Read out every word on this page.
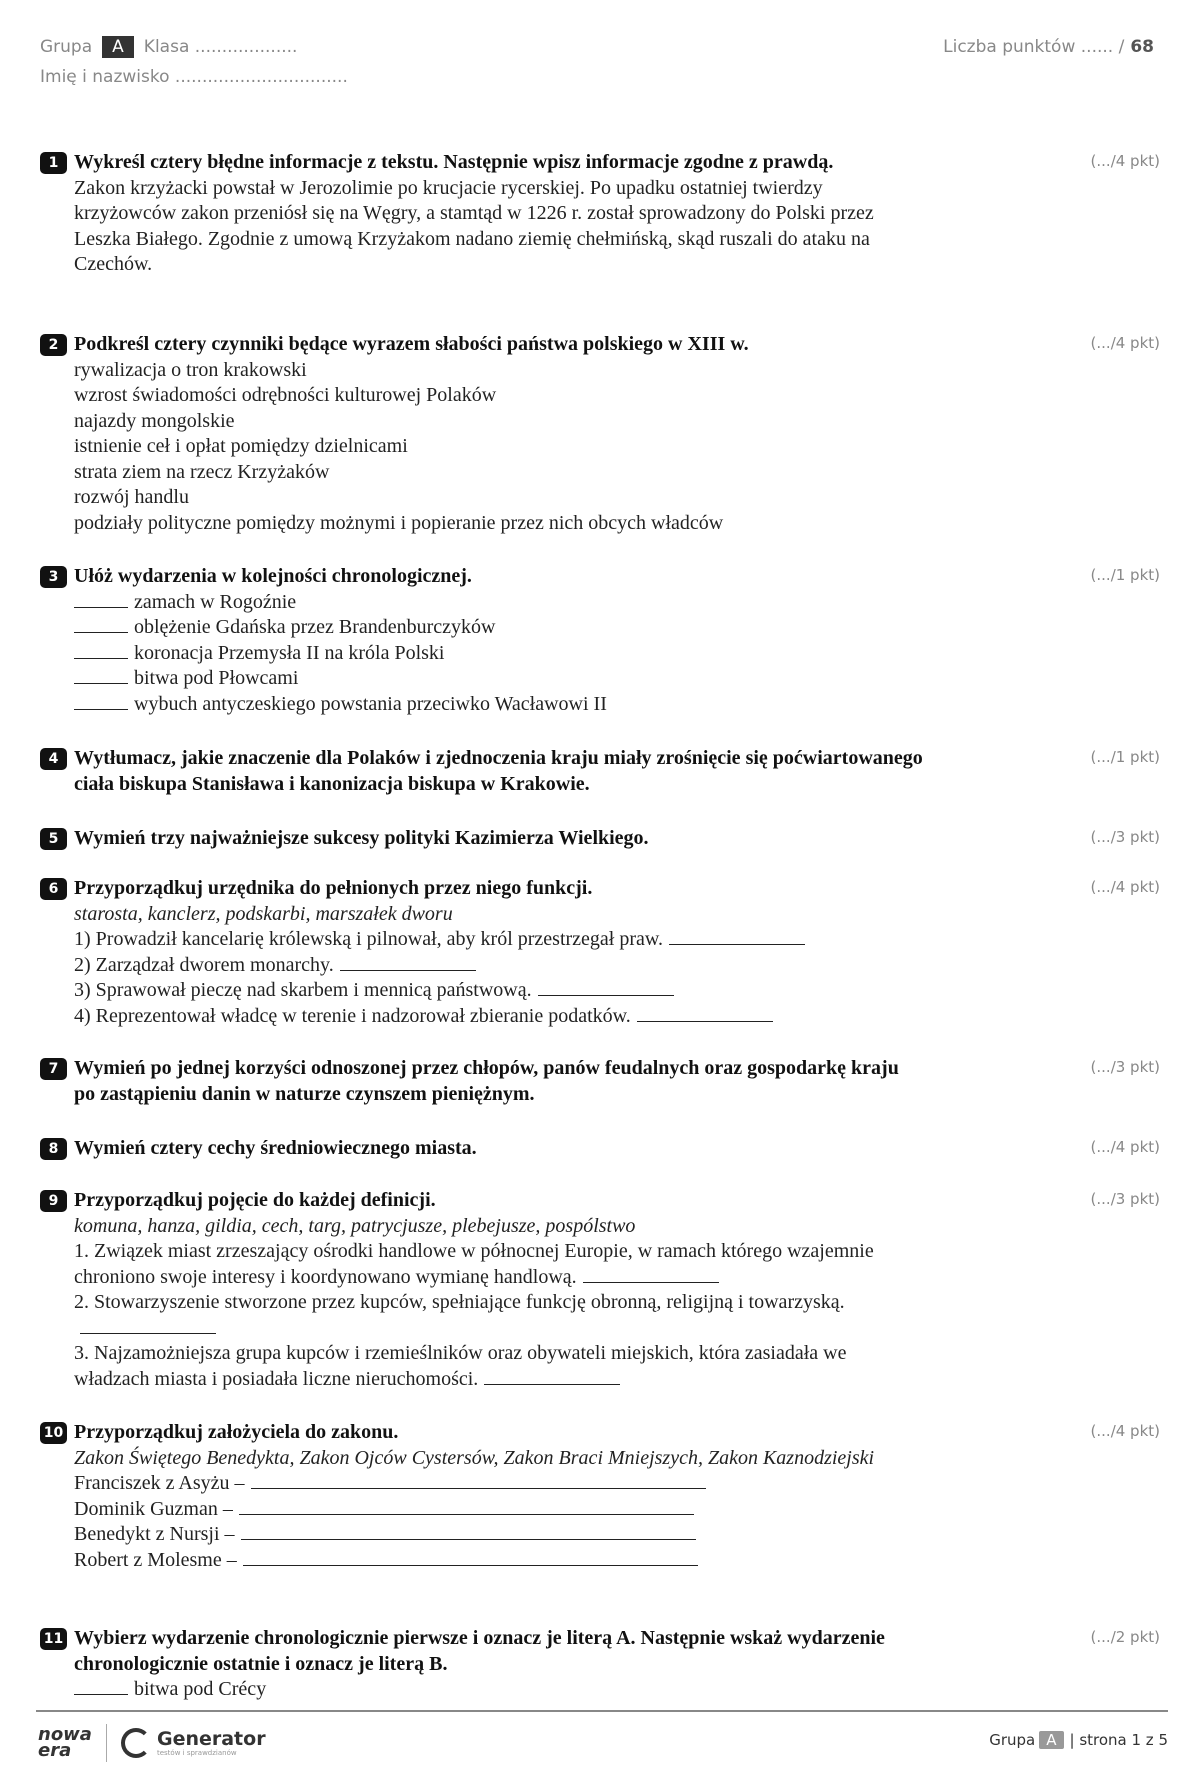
Grupa	A	Klasa ...................
Imię i nazwisko ................................
Liczba punktów ...... / 68
1	(.../4 pkt)
Wykreśl cztery błędne informacje z tekstu. Następnie wpisz informacje zgodne z prawdą.
Zakon krzyżacki powstał w Jerozolimie po krucjacie rycerskiej. Po upadku ostatniej twierdzy krzyżowców zakon przeniósł się na Węgry, a stamtąd w 1226 r. został sprowadzony do Polski przez Leszka Białego. Zgodnie z umową Krzyżakom nadano ziemię chełmińską, skąd ruszali do ataku na Czechów.
2	(.../4 pkt)
Podkreśl cztery czynniki będące wyrazem słabości państwa polskiego w XIII w.
rywalizacja o tron krakowski
wzrost świadomości odrębności kulturowej Polaków
najazdy mongolskie
istnienie ceł i opłat pomiędzy dzielnicami
strata ziem na rzecz Krzyżaków
rozwój handlu
podziały polityczne pomiędzy możnymi i popieranie przez nich obcych władców
3	(.../1 pkt)
Ułóż wydarzenia w kolejności chronologicznej.
zamach w Rogoźnie
oblężenie Gdańska przez Brandenburczyków
koronacja Przemysła II na króla Polski
bitwa pod Płowcami
wybuch antyczeskiego powstania przeciwko Wacławowi II
4	(.../1 pkt)
Wytłumacz, jakie znaczenie dla Polaków i zjednoczenia kraju miały zrośnięcie się poćwiartowanego ciała biskupa Stanisława i kanonizacja biskupa w Krakowie.
5	(.../3 pkt)
Wymień trzy najważniejsze sukcesy polityki Kazimierza Wielkiego.
6	(.../4 pkt)
Przyporządkuj urzędnika do pełnionych przez niego funkcji.
starosta, kanclerz, podskarbi, marszałek dworu
1) Prowadził kancelarię królewską i pilnował, aby król przestrzegał praw.
2) Zarządzał dworem monarchy.
3) Sprawował pieczę nad skarbem i mennicą państwową.
4) Reprezentował władcę w terenie i nadzorował zbieranie podatków.
7	(.../3 pkt)
Wymień po jednej korzyści odnoszonej przez chłopów, panów feudalnych oraz gospodarkę kraju po zastąpieniu danin w naturze czynszem pieniężnym.
8	(.../4 pkt)
Wymień cztery cechy średniowiecznego miasta.
9	(.../3 pkt)
Przyporządkuj pojęcie do każdej definicji.
komuna, hanza, gildia, cech, targ, patrycjusze, plebejusze, pospólstwo
1. Związek miast zrzeszający ośrodki handlowe w północnej Europie, w ramach którego wzajemnie chroniono swoje interesy i koordynowano wymianę handlową.
2. Stowarzyszenie stworzone przez kupców, spełniające funkcję obronną, religijną i towarzyską.
3. Najzamożniejsza grupa kupców i rzemieślników oraz obywateli miejskich, która zasiadała we władzach miasta i posiadała liczne nieruchomości.
10	(.../4 pkt)
Przyporządkuj założyciela do zakonu.
Zakon Świętego Benedykta, Zakon Ojców Cystersów, Zakon Braci Mniejszych, Zakon Kaznodziejski
Franciszek z Asyżu –
Dominik Guzman –
Benedykt z Nursji –
Robert z Molesme –
11	(.../2 pkt)
Wybierz wydarzenie chronologicznie pierwsze i oznacz je literą A. Następnie wskaż wydarzenie chronologicznie ostatnie i oznacz je literą B.
bitwa pod Crécy
nowa
era
Generator
testów i sprawdzianów
Grupa A | strona 1 z 5
